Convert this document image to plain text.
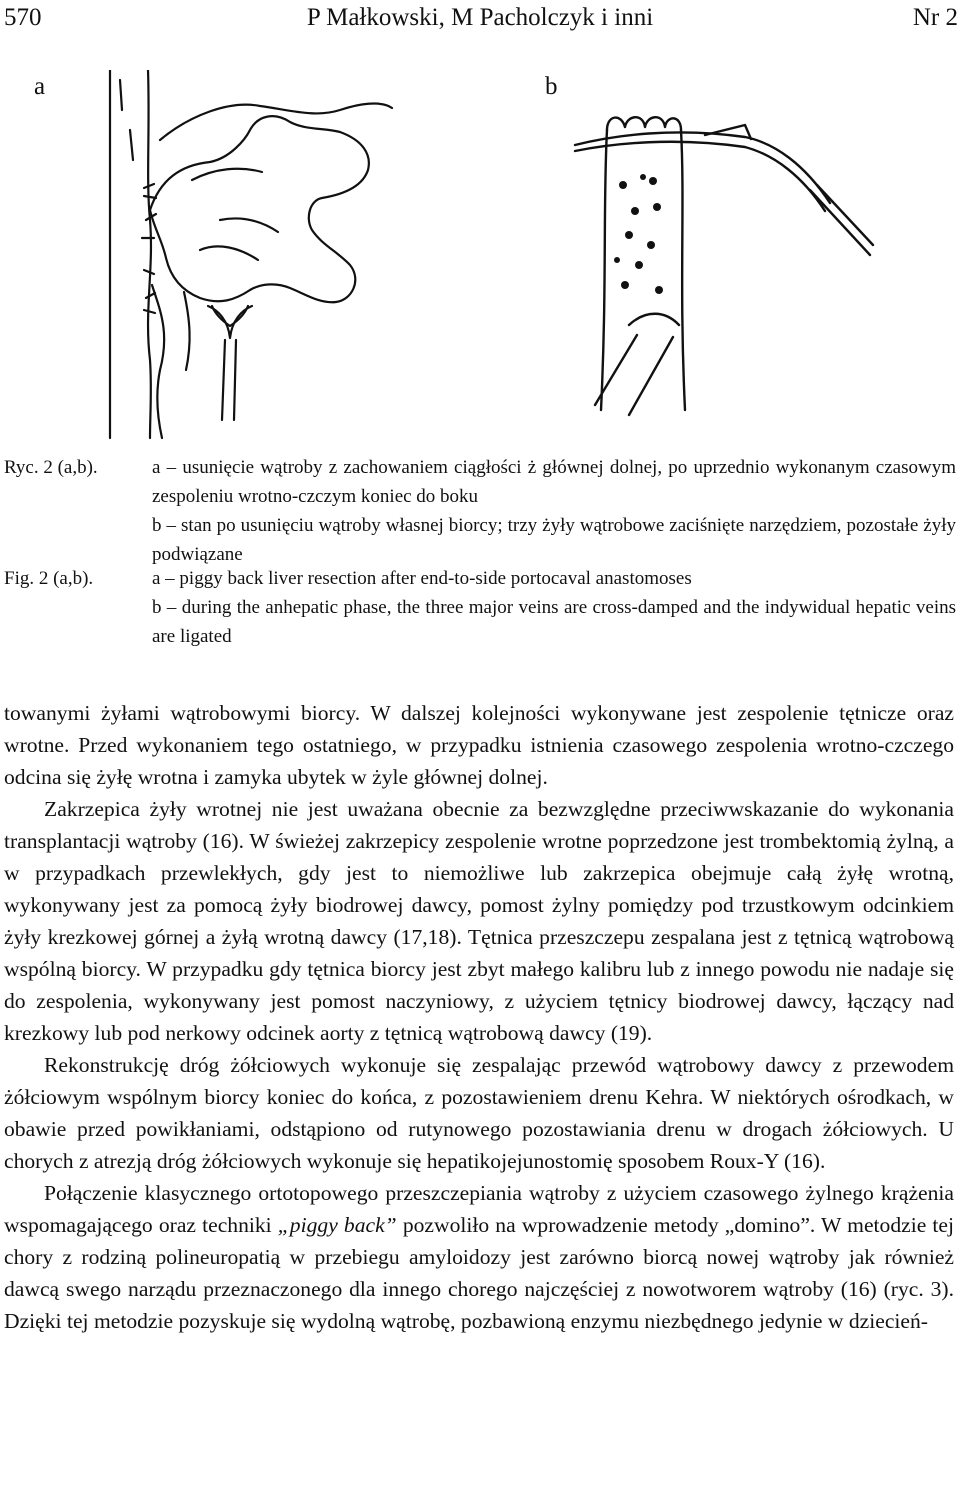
570	P Małkowski, M Pacholczyk i inni	Nr 2
a	b
Ryc. 2 (a,b).	a – usunięcie wątroby z zachowaniem ciągłości ż głównej dolnej, po uprzednio wykonanym czasowym zespoleniu wrotno-czczym koniec do boku

b – stan po usunięciu wątroby własnej biorcy; trzy żyły wątrobowe zaciśnięte narzędziem, pozostałe żyły podwiązane

Fig. 2 (a,b).	a – piggy back liver resection after end-to-side portocaval anastomoses

b – during the anhepatic phase, the three major veins are cross-damped and the indywidual hepatic veins are ligated

towanymi żyłami wątrobowymi biorcy. W dalszej kolejności wykonywane jest zespolenie tętnicze oraz wrotne. Przed wykonaniem tego ostatniego, w przypadku istnienia czasowego zespolenia wrotno-czczego odcina się żyłę wrotna i zamyka ubytek w żyle głównej dolnej.

Zakrzepica żyły wrotnej nie jest uważana obecnie za bezwzględne przeciwwskazanie do wykonania transplantacji wątroby (16). W świeżej zakrzepicy zespolenie wrotne poprzedzone jest trombektomią żylną, a w przypadkach przewlekłych, gdy jest to niemożliwe lub zakrzepica obejmuje całą żyłę wrotną, wykonywany jest za pomocą żyły biodrowej dawcy, pomost żylny pomiędzy pod trzustkowym odcinkiem żyły krezkowej górnej a żyłą wrotną dawcy (17,18). Tętnica przeszczepu zespalana jest z tętnicą wątrobową wspólną biorcy. W przypadku gdy tętnica biorcy jest zbyt małego kalibru lub z innego powodu nie nadaje się do zespolenia, wykonywany jest pomost naczyniowy, z użyciem tętnicy biodrowej dawcy, łączący nad krezkowy lub pod nerkowy odcinek aorty z tętnicą wątrobową dawcy (19).

Rekonstrukcję dróg żółciowych wykonuje się zespalając przewód wątrobowy dawcy z przewodem żółciowym wspólnym biorcy koniec do końca, z pozostawieniem drenu Kehra. W niektórych ośrodkach, w obawie przed powikłaniami, odstąpiono od rutynowego pozostawiania drenu w drogach żółciowych. U chorych z atrezją dróg żółciowych wykonuje się hepatikojejunostomię sposobem Roux-Y (16).

Połączenie klasycznego ortotopowego przeszczepiania wątroby z użyciem czasowego żylnego krążenia wspomagającego oraz techniki „piggy back” pozwoliło na wprowadzenie metody „domino”. W metodzie tej chory z rodziną polineuropatią w przebiegu amyloidozy jest zarówno biorcą nowej wątroby jak również dawcą swego narządu przeznaczonego dla innego chorego najczęściej z nowotworem wątroby (16) (ryc. 3). Dzięki tej metodzie pozyskuje się wydolną wątrobę, pozbawioną enzymu niezbędnego jedynie w dziecień-
